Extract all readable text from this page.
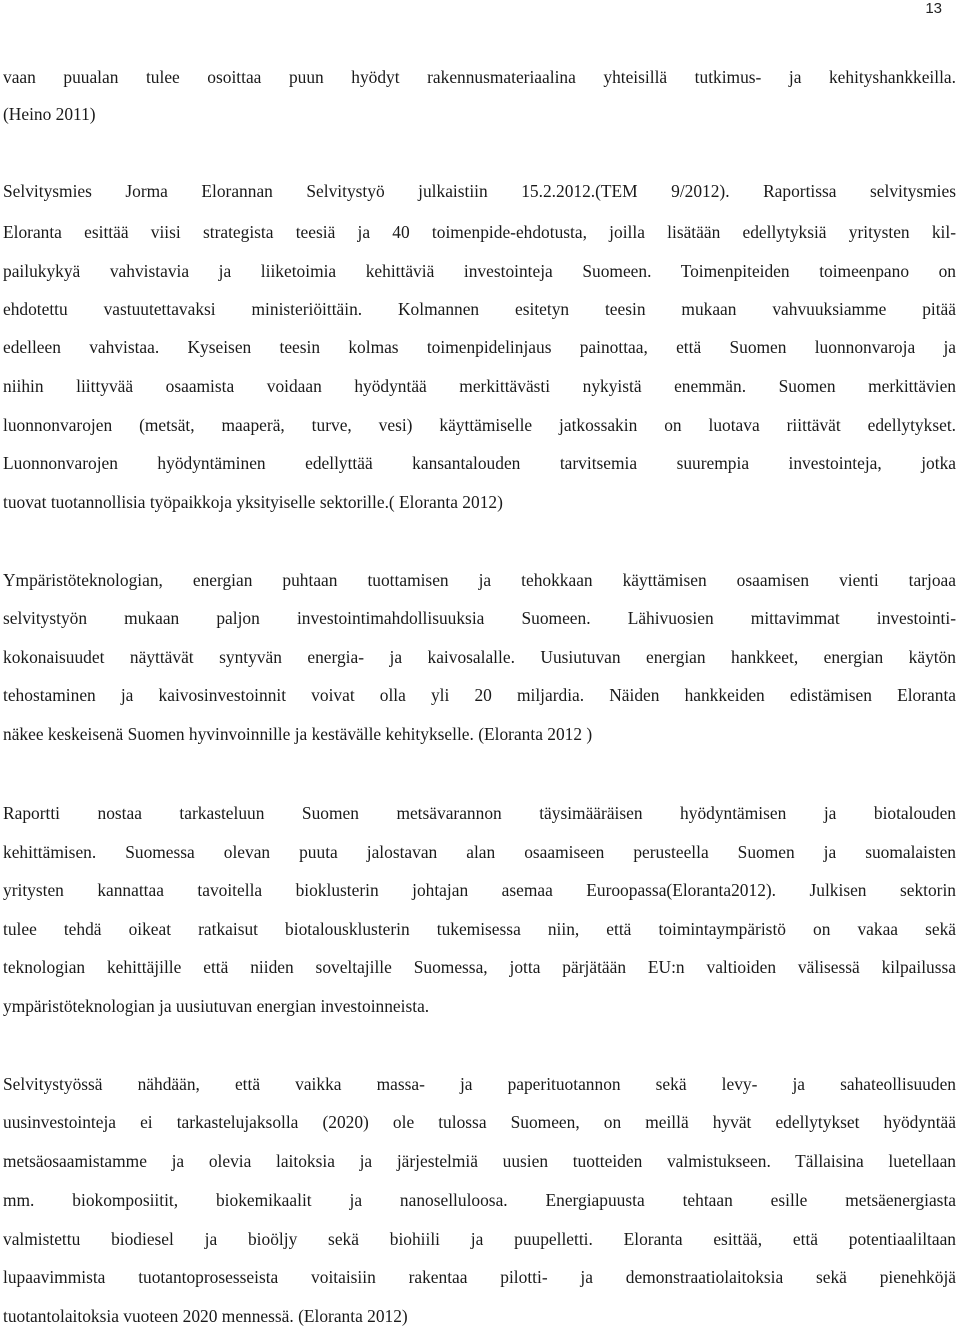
13
vaan puualan tulee osoittaa puun hyödyt rakennusmateriaalina yhteisillä tutkimus- ja kehityshankkeilla.
(Heino 2011)
Selvitysmies Jorma Elorannan Selvitystyö julkaistiin 15.2.2012.(TEM 9/2012). Raportissa selvitysmies
Eloranta esittää viisi strategista teesiä ja 40 toimenpide-ehdotusta, joilla lisätään edellytyksiä yritysten kil-
pailukykyä vahvistavia ja liiketoimia kehittäviä investointeja Suomeen. Toimenpiteiden toimeenpano on
ehdotettu vastuutettavaksi ministeriöittäin. Kolmannen esitetyn teesin mukaan vahvuuksiamme pitää
edelleen vahvistaa. Kyseisen teesin kolmas toimenpidelinjaus painottaa, että Suomen luonnonvaroja ja
niihin liittyvää osaamista voidaan hyödyntää merkittävästi nykyistä enemmän. Suomen merkittävien
luonnonvarojen (metsät, maaperä, turve, vesi) käyttämiselle jatkossakin on luotava riittävät edellytykset.
Luonnonvarojen hyödyntäminen edellyttää kansantalouden tarvitsemia suurempia investointeja, jotka
tuovat tuotannollisia työpaikkoja yksityiselle sektorille.( Eloranta 2012)
Ympäristöteknologian, energian puhtaan tuottamisen ja tehokkaan käyttämisen osaamisen vienti tarjoaa
selvitystyön mukaan paljon investointimahdollisuuksia Suomeen. Lähivuosien mittavimmat investointi-
kokonaisuudet näyttävät syntyvän energia- ja kaivosalalle. Uusiutuvan energian hankkeet, energian käytön
tehostaminen ja kaivosinvestoinnit voivat olla yli 20 miljardia. Näiden hankkeiden edistämisen Eloranta
näkee keskeisenä Suomen hyvinvoinnille ja kestävälle kehitykselle. (Eloranta 2012 )
Raportti nostaa tarkasteluun Suomen metsävarannon täysimääräisen hyödyntämisen ja biotalouden
kehittämisen. Suomessa olevan puuta jalostavan alan osaamiseen perusteella Suomen ja suomalaisten
yritysten kannattaa tavoitella bioklusterin johtajan asemaa Euroopassa(Eloranta2012). Julkisen sektorin
tulee tehdä oikeat ratkaisut biotalousklusterin tukemisessa niin, että toimintaympäristö on vakaa sekä
teknologian kehittäjille että niiden soveltajille Suomessa, jotta pärjätään EU:n valtioiden välisessä kilpailussa
ympäristöteknologian ja uusiutuvan energian investoinneista.
Selvitystyössä nähdään, että vaikka massa- ja paperituotannon sekä levy- ja sahateollisuuden
uusinvestointeja ei tarkastelujaksolla (2020) ole tulossa Suomeen, on meillä hyvät edellytykset hyödyntää
metsäosaamistamme ja olevia laitoksia ja järjestelmiä uusien tuotteiden valmistukseen. Tällaisina luetellaan
mm. biokomposiitit, biokemikaalit ja nanoselluloosa. Energiapuusta tehtaan esille metsäenergiasta
valmistettu biodiesel ja bioöljy sekä biohiili ja puupelletti. Eloranta esittää, että potentiaaliltaan
lupaavimmista tuotantoprosesseista voitaisiin rakentaa pilotti- ja demonstraatiolaitoksia sekä pienehköjä
tuotantolaitoksia vuoteen 2020 mennessä. (Eloranta 2012)
